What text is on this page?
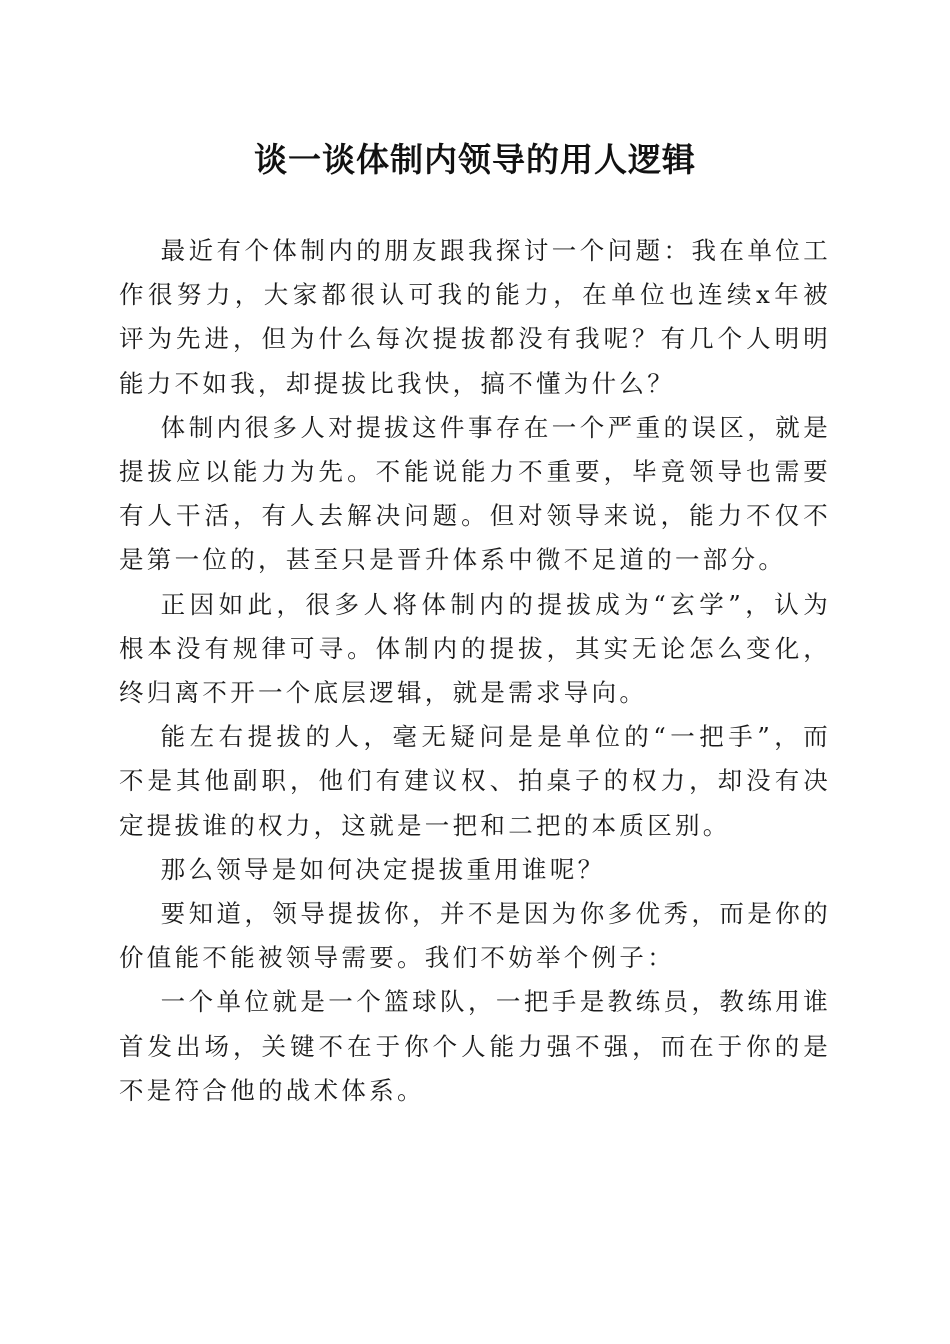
谈一谈体制内领导的用人逻辑

最近有个体制内的朋友跟我探讨一个问题：我在单位工作很努力，大家都很认可我的能力，在单位也连续x年被评为先进，但为什么每次提拔都没有我呢？有几个人明明能力不如我，却提拔比我快，搞不懂为什么？

体制内很多人对提拔这件事存在一个严重的误区，就是提拔应以能力为先。不能说能力不重要，毕竟领导也需要有人干活，有人去解决问题。但对领导来说，能力不仅不是第一位的，甚至只是晋升体系中微不足道的一部分。

正因如此，很多人将体制内的提拔成为“玄学”，认为根本没有规律可寻。体制内的提拔，其实无论怎么变化，终归离不开一个底层逻辑，就是需求导向。

能左右提拔的人，毫无疑问是是单位的“一把手”，而不是其他副职，他们有建议权、拍桌子的权力，却没有决定提拔谁的权力，这就是一把和二把的本质区别。

那么领导是如何决定提拔重用谁呢？

要知道，领导提拔你，并不是因为你多优秀，而是你的价值能不能被领导需要。我们不妨举个例子：

一个单位就是一个篮球队，一把手是教练员，教练用谁首发出场，关键不在于你个人能力强不强，而在于你的是不是符合他的战术体系。
